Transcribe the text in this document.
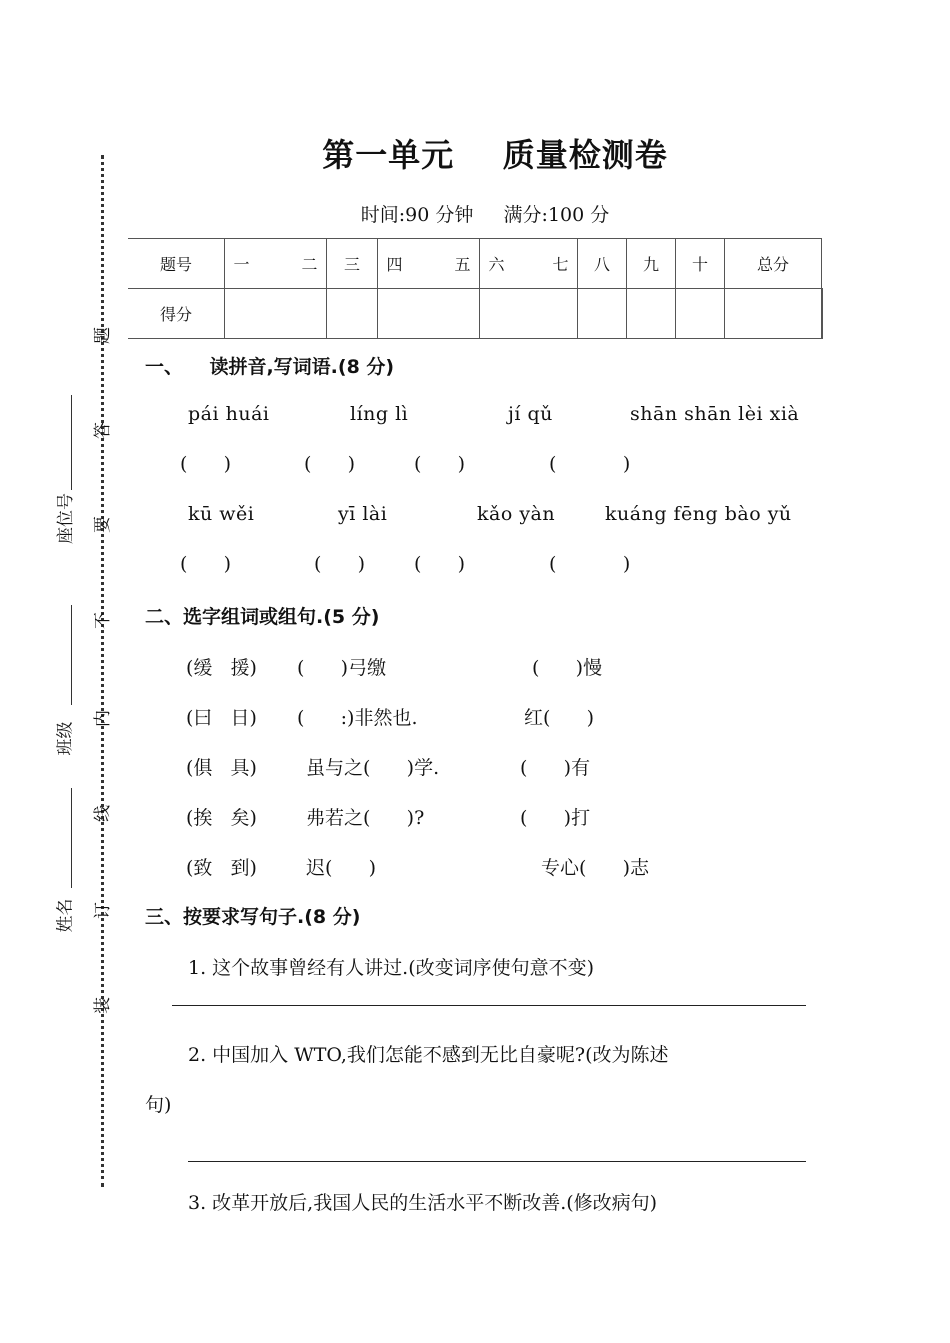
题
答
要
不
内
线
订
装
座位号
班级
姓名
第一单元    质量检测卷
时间:90 分钟     满分:100 分
题号	一 二	三	四 五	六 七	八	九	十	总分	
得分									
一、    读拼音,写词语.(8 分)
pái huái	líng lì	jí qǔ	shān shān lèi xià
(      )	(      )	(      )	(           )
kū wěi	yī lài	kǎo yàn	kuáng fēng bào yǔ
(      )	(      )	(      )	(           )
二、选字组词或组句.(5 分)
(缓   援) (      )弓缴	(      )慢
(曰   日) (      :)非然也.	红(      )
(俱   具)	虽与之(      )学.	(      )有
(挨   矣)	弗若之(      )?	(      )打
(致   到)	迟(      )	专心(      )志
三、按要求写句子.(8 分)
1. 这个故事曾经有人讲过.(改变词序使句意不变)
2. 中国加入 WTO,我们怎能不感到无比自豪呢?(改为陈述
句)
3. 改革开放后,我国人民的生活水平不断改善.(修改病句)
